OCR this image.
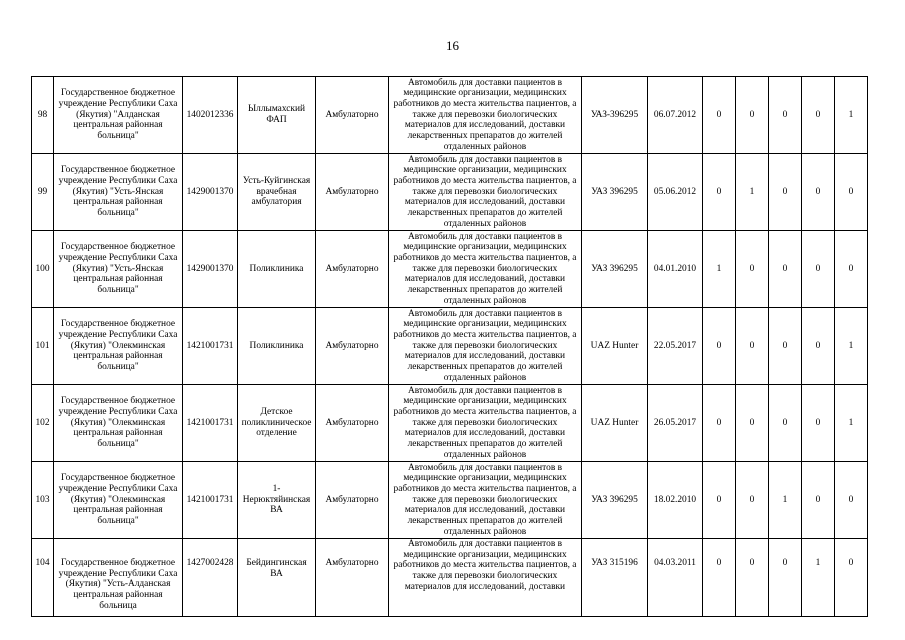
16
98	Государственное бюджетное учреждение Республики Саха (Якутия) "Алданская центральная районная больница"	1402012336	Ыллымахский ФАП	Амбулаторно	Автомобиль для доставки пациентов в медицинские организации, медицинских работников до места жительства пациентов, а также для перевозки биологических материалов для исследований, доставки лекарственных препаратов до жителей отдаленных районов	УАЗ-396295	06.07.2012	0	0	0	0	1
99	Государственное бюджетное учреждение Республики Саха (Якутия) "Усть-Янская центральная районная больница"	1429001370	Усть-Куйгинская врачебная амбулатория	Амбулаторно	Автомобиль для доставки пациентов в медицинские организации, медицинских работников до места жительства пациентов, а также для перевозки биологических материалов для исследований, доставки лекарственных препаратов до жителей отдаленных районов	УАЗ 396295	05.06.2012	0	1	0	0	0
100	Государственное бюджетное учреждение Республики Саха (Якутия) "Усть-Янская центральная районная больница"	1429001370	Поликлиника	Амбулаторно	Автомобиль для доставки пациентов в медицинские организации, медицинских работников до места жительства пациентов, а также для перевозки биологических материалов для исследований, доставки лекарственных препаратов до жителей отдаленных районов	УАЗ 396295	04.01.2010	1	0	0	0	0
101	Государственное бюджетное учреждение Республики Саха (Якутия) "Олекминская центральная районная больница"	1421001731	Поликлиника	Амбулаторно	Автомобиль для доставки пациентов в медицинские организации, медицинских работников до места жительства пациентов, а также для перевозки биологических материалов для исследований, доставки лекарственных препаратов до жителей отдаленных районов	UAZ Hunter	22.05.2017	0	0	0	0	1
102	Государственное бюджетное учреждение Республики Саха (Якутия) "Олекминская центральная районная больница"	1421001731	Детское поликлиническое отделение	Амбулаторно	Автомобиль для доставки пациентов в медицинские организации, медицинских работников до места жительства пациентов, а также для перевозки биологических материалов для исследований, доставки лекарственных препаратов до жителей отдаленных районов	UAZ Hunter	26.05.2017	0	0	0	0	1
103	Государственное бюджетное учреждение Республики Саха (Якутия) "Олекминская центральная районная больница"	1421001731	1-Нерюктяйинская ВА	Амбулаторно	Автомобиль для доставки пациентов в медицинские организации, медицинских работников до места жительства пациентов, а также для перевозки биологических материалов для исследований, доставки лекарственных препаратов до жителей отдаленных районов	УАЗ 396295	18.02.2010	0	0	1	0	0
104	Государственное бюджетное учреждение Республики Саха (Якутия) "Усть-Алданская центральная районная больница	1427002428	Бейдингинская ВА	Амбулаторно	Автомобиль для доставки пациентов в медицинские организации, медицинских работников до места жительства пациентов, а также для перевозки биологических материалов для исследований, доставки	УАЗ 315196	04.03.2011	0	0	0	1	0
